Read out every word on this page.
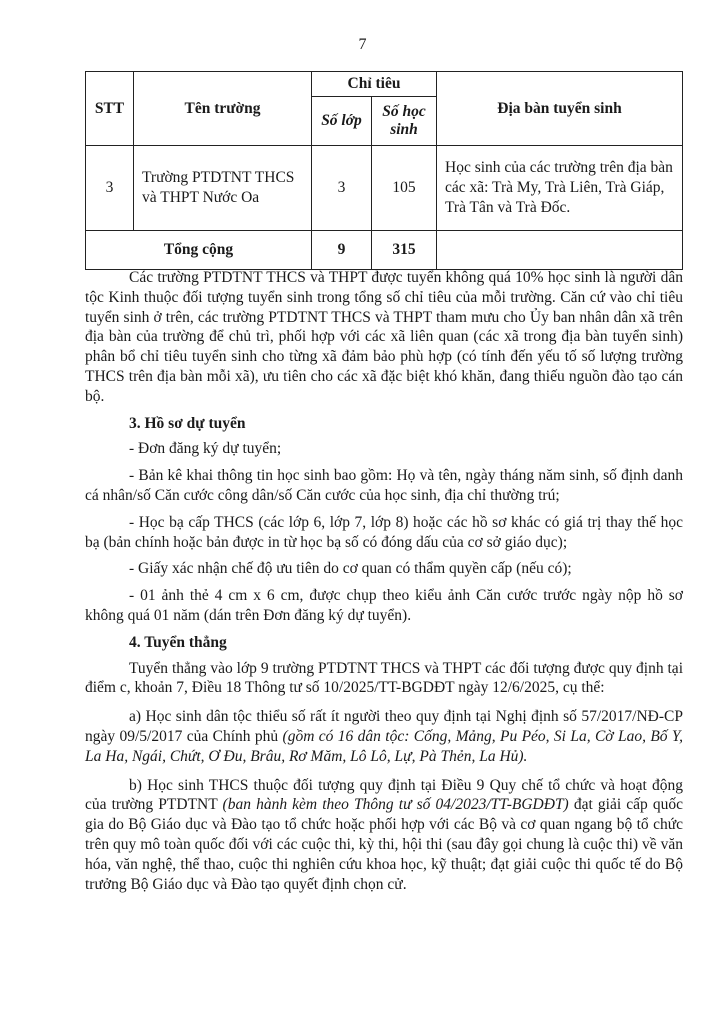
7
STT	Tên trường	Chỉ tiêu		Địa bàn tuyển sinh
		Số lớp	Số học sinh	
3	Trường PTDTNT THCS và THPT Nước Oa	3	105	Học sinh của các trường trên địa bàn các xã: Trà My, Trà Liên, Trà Giáp, Trà Tân và Trà Đốc.
Tổng cộng		9	315	

Các trường PTDTNT THCS và THPT được tuyển không quá 10% học sinh là người dân tộc Kinh thuộc đối tượng tuyển sinh trong tổng số chỉ tiêu của mỗi trường. Căn cứ vào chỉ tiêu tuyển sinh ở trên, các trường PTDTNT THCS và THPT tham mưu cho Ủy ban nhân dân xã trên địa bàn của trường để chủ trì, phối hợp với các xã liên quan (các xã trong địa bàn tuyển sinh) phân bổ chỉ tiêu tuyển sinh cho từng xã đảm bảo phù hợp (có tính đến yếu tố số lượng trường THCS trên địa bàn mỗi xã), ưu tiên cho các xã đặc biệt khó khăn, đang thiếu nguồn đào tạo cán bộ.

3. Hồ sơ dự tuyển

- Đơn đăng ký dự tuyển;

- Bản kê khai thông tin học sinh bao gồm: Họ và tên, ngày tháng năm sinh, số định danh cá nhân/số Căn cước công dân/số Căn cước của học sinh, địa chỉ thường trú;

- Học bạ cấp THCS (các lớp 6, lớp 7, lớp 8) hoặc các hồ sơ khác có giá trị thay thế học bạ (bản chính hoặc bản được in từ học bạ số có đóng dấu của cơ sở giáo dục);

- Giấy xác nhận chế độ ưu tiên do cơ quan có thẩm quyền cấp (nếu có);

- 01 ảnh thẻ 4 cm x 6 cm, được chụp theo kiểu ảnh Căn cước trước ngày nộp hồ sơ không quá 01 năm (dán trên Đơn đăng ký dự tuyển).

4. Tuyển thẳng

Tuyển thẳng vào lớp 9 trường PTDTNT THCS và THPT các đối tượng được quy định tại điểm c, khoản 7, Điều 18 Thông tư số 10/2025/TT-BGDĐT ngày 12/6/2025, cụ thể:

a) Học sinh dân tộc thiểu số rất ít người theo quy định tại Nghị định số 57/2017/NĐ-CP ngày 09/5/2017 của Chính phủ (gồm có 16 dân tộc: Cống, Mảng, Pu Péo, Si La, Cờ Lao, Bố Y, La Ha, Ngái, Chứt, Ơ Đu, Brâu, Rơ Măm, Lô Lô, Lự, Pà Thẻn, La Hủ).

b) Học sinh THCS thuộc đối tượng quy định tại Điều 9 Quy chế tổ chức và hoạt động của trường PTDTNT (ban hành kèm theo Thông tư số 04/2023/TT-BGDĐT) đạt giải cấp quốc gia do Bộ Giáo dục và Đào tạo tổ chức hoặc phối hợp với các Bộ và cơ quan ngang bộ tổ chức trên quy mô toàn quốc đối với các cuộc thi, kỳ thi, hội thi (sau đây gọi chung là cuộc thi) về văn hóa, văn nghệ, thể thao, cuộc thi nghiên cứu khoa học, kỹ thuật; đạt giải cuộc thi quốc tế do Bộ trưởng Bộ Giáo dục và Đào tạo quyết định chọn cử.
